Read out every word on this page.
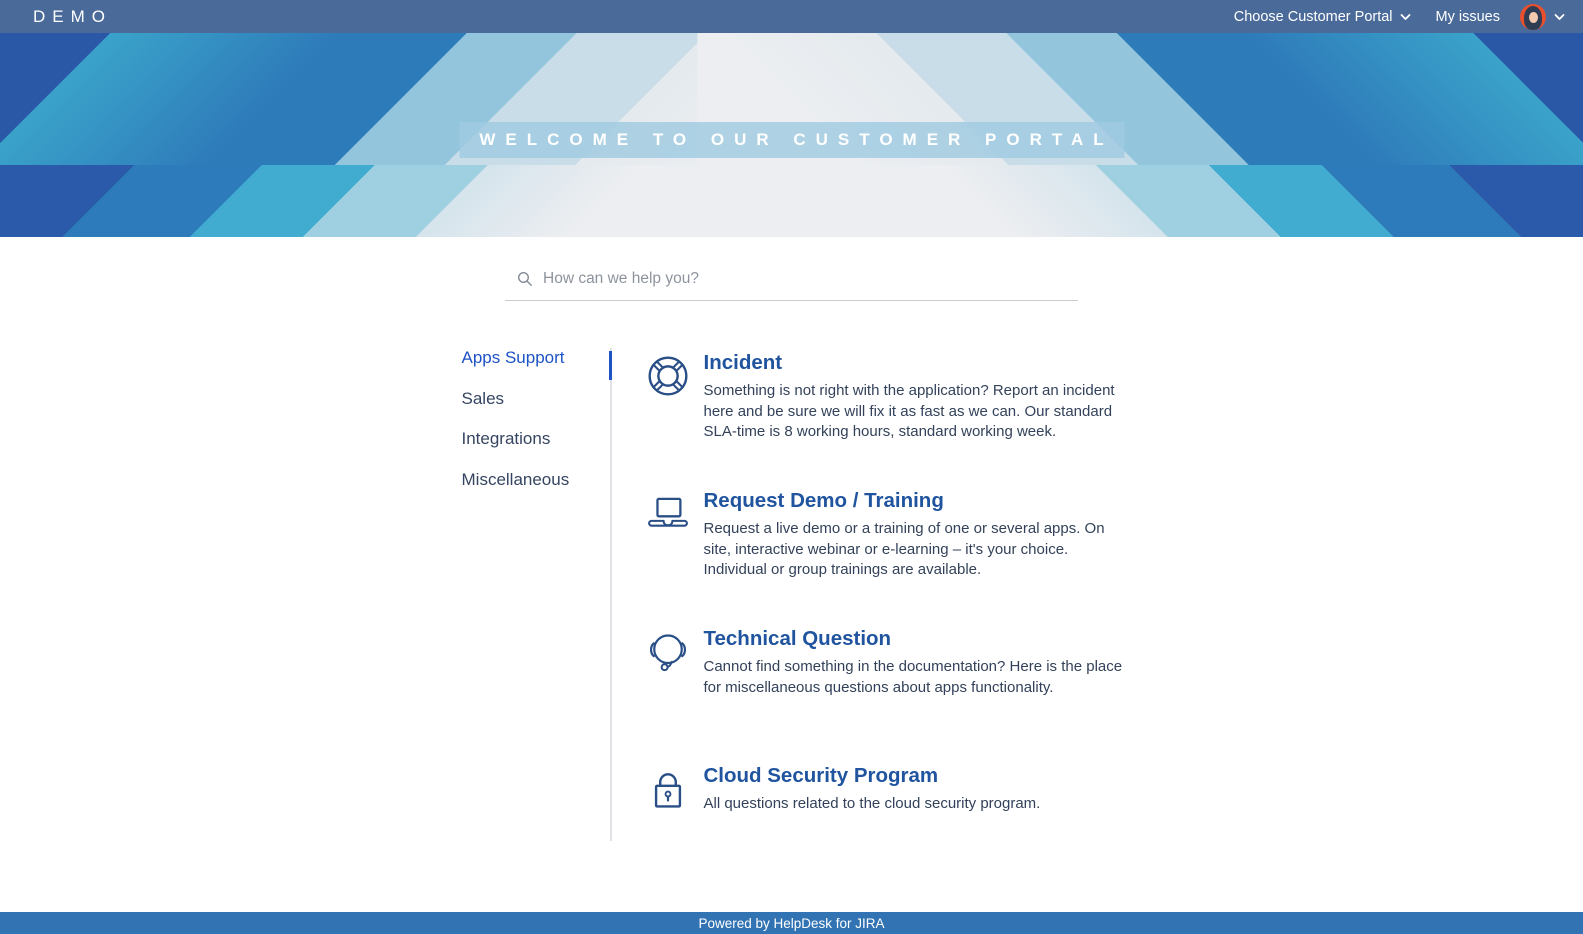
DEMO	Choose Customer Portal	My issues
WELCOME TO OUR CUSTOMER PORTAL
How can we help you?
Apps Support
Sales
Integrations
Miscellaneous
Incident

Something is not right with the application? Report an incident here and be sure we will fix it as fast as we can. Our standard SLA-time is 8 working hours, standard working week.

Request Demo / Training

Request a live demo or a training of one or several apps. On site, interactive webinar or e-learning – it's your choice. Individual or group trainings are available.

Technical Question

Cannot find something in the documentation? Here is the place for miscellaneous questions about apps functionality.

Cloud Security Program

All questions related to the cloud security program.

Powered by HelpDesk for JIRA
